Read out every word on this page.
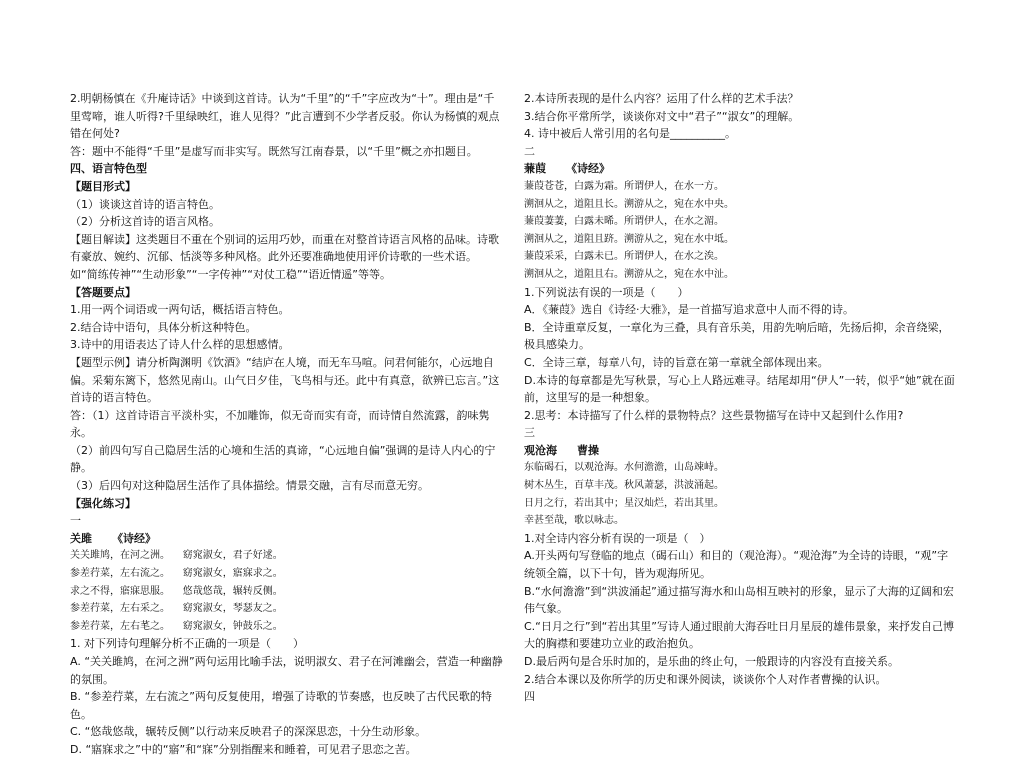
2.明朝杨慎在《升庵诗话》中谈到这首诗。认为“千里”的“千”字应改为“十”。理由是“千里莺啼，谁人听得?千里绿映红，谁人见得？”此言遭到不少学者反驳。你认为杨慎的观点错在何处?

答：题中不能得“千里”是虚写而非实写。既然写江南春景，以“千里”概之亦扣题目。

四、语言特色型

【题目形式】

（1）谈谈这首诗的语言特色。

（2）分析这首诗的语言风格。

【题目解读】这类题目不重在个别词的运用巧妙，而重在对整首诗语言风格的品味。诗歌有豪放、婉约、沉郁、恬淡等多种风格。此外还要准确地使用评价诗歌的一些术语。如“简练传神”“生动形象”“一字传神”“对仗工稳”“语近情遥”等等。

【答题要点】

1.用一两个词语或一两句话，概括语言特色。

2.结合诗中语句，具体分析这种特色。

3.诗中的用语表达了诗人什么样的思想感情。

【题型示例】请分析陶渊明《饮酒》“结庐在人境，而无车马喧。问君何能尔，心远地自偏。采菊东篱下，悠然见南山。山气日夕佳，飞鸟相与还。此中有真意，欲辨已忘言。”这首诗的语言特色。

答：（1）这首诗语言平淡朴实，不加雕饰，似无奇而实有奇，而诗情自然流露，韵味隽永。

（2）前四句写自己隐居生活的心境和生活的真谛，“心远地自偏”强调的是诗人内心的宁静。

（3）后四句对这种隐居生活作了具体描绘。情景交融，言有尽而意无穷。

【强化练习】

一

关雎 《诗经》

关关雎鸠，在河之洲。    窈窕淑女，君子好逑。

参差荇菜，左右流之。    窈窕淑女，寤寐求之。

求之不得，寤寐思服。    悠哉悠哉，辗转反侧。

参差荇菜，左右采之。    窈窕淑女，琴瑟友之。

参差荇菜，左右芼之。    窈窕淑女，钟鼓乐之。

1. 对下列诗句理解分析不正确的一项是（　　）

A. “关关雎鸠，在河之洲”两句运用比喻手法，说明淑女、君子在河滩幽会，营造一种幽静的氛围。

B. “参差荇菜，左右流之”两句反复使用，增强了诗歌的节奏感，也反映了古代民歌的特色。

C. “悠哉悠哉，辗转反侧”以行动来反映君子的深深思恋，十分生动形象。

D. “寤寐求之”中的“寤”和“寐”分别指醒来和睡着，可见君子思恋之苦。

2.本诗所表现的是什么内容？运用了什么样的艺术手法？

3.结合你平常所学，谈谈你对文中“君子”“淑女”的理解。

4. 诗中被后人常引用的名句是__________。

二

蒹葭 《诗经》

蒹葭苍苍，白露为霜。所谓伊人，在水一方。

溯洄从之，道阻且长。溯游从之，宛在水中央。

蒹葭萋萋，白露未晞。所谓伊人，在水之湄。

溯洄从之，道阻且跻。溯游从之，宛在水中坻。

蒹葭采采，白露未已。所谓伊人，在水之涘。

溯洄从之，道阻且右。溯游从之，宛在水中沚。

1.下列说法有误的一项是（　　）

A．《蒹葭》选自《诗经·大雅》，是一首描写追求意中人而不得的诗。

B．全诗重章反复，一章化为三叠，具有音乐美，用韵先响后暗，先扬后抑，余音绕梁，极具感染力。

C．全诗三章，每章八句，诗的旨意在第一章就全部体现出来。

D.本诗的每章都是先写秋景，写心上人路远难寻。结尾却用“伊人”一转，似乎“她”就在面前，这里写的是一种想象。

2.思考：本诗描写了什么样的景物特点？这些景物描写在诗中又起到什么作用?

三

观沧海 曹操

东临碣石，以观沧海。水何澹澹，山岛竦峙。

树木丛生，百草丰茂。秋风萧瑟，洪波涌起。

日月之行，若出其中；星汉灿烂，若出其里。

幸甚至哉，歌以咏志。

1.对全诗内容分析有误的一项是（　）

A.开头两句写登临的地点（碣石山）和目的（观沧海）。“观沧海”为全诗的诗眼，“观”字统领全篇，以下十句，皆为观海所见。

B.“水何澹澹”到“洪波涌起”通过描写海水和山岛相互映衬的形象，显示了大海的辽阔和宏伟气象。

C.“日月之行”到“若出其里”写诗人通过眼前大海吞吐日月星辰的雄伟景象，来抒发自己博大的胸襟和要建功立业的政治抱负。

D.最后两句是合乐时加的，是乐曲的终止句，一般跟诗的内容没有直接关系。

2.结合本课以及你所学的历史和课外阅读，谈谈你个人对作者曹操的认识。

四
